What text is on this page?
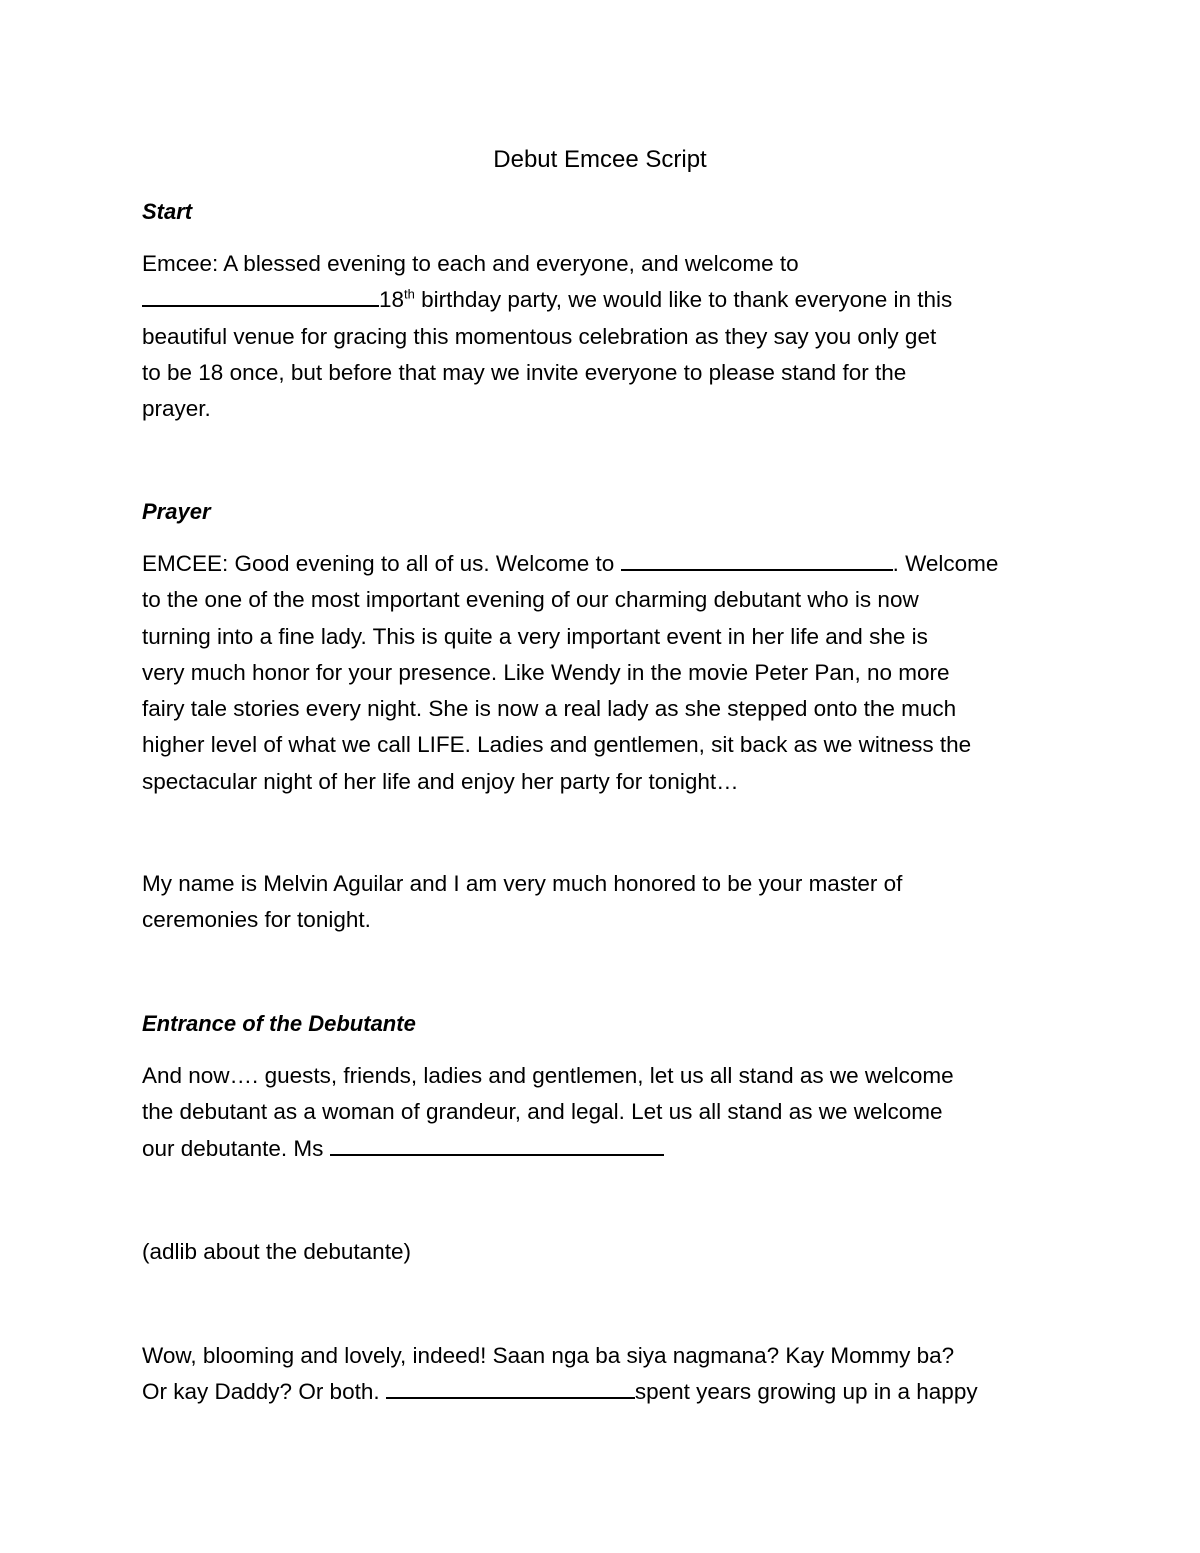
Debut Emcee Script
Start
Emcee: A blessed evening to each and everyone, and welcome to
18th birthday party, we would like to thank everyone in this
beautiful venue for gracing this momentous celebration as they say you only get
to be 18 once, but before that may we invite everyone to please stand for the
prayer.
Prayer
EMCEE: Good evening to all of us. Welcome to	. Welcome
to the one of the most important evening of our charming debutant who is now
turning into a fine lady. This is quite a very important event in her life and she is
very much honor for your presence. Like Wendy in the movie Peter Pan, no more
fairy tale stories every night. She is now a real lady as she stepped onto the much
higher level of what we call LIFE. Ladies and gentlemen, sit back as we witness the
spectacular night of her life and enjoy her party for tonight…
My name is Melvin Aguilar and I am very much honored to be your master of
ceremonies for tonight.
Entrance of the Debutante
And now…. guests, friends, ladies and gentlemen, let us all stand as we welcome
the debutant as a woman of grandeur, and legal. Let us all stand as we welcome
our debutante. Ms
(adlib about the debutante)
Wow, blooming and lovely, indeed! Saan nga ba siya nagmana? Kay Mommy ba?
Or kay Daddy? Or both.	spent years growing up in a happy
